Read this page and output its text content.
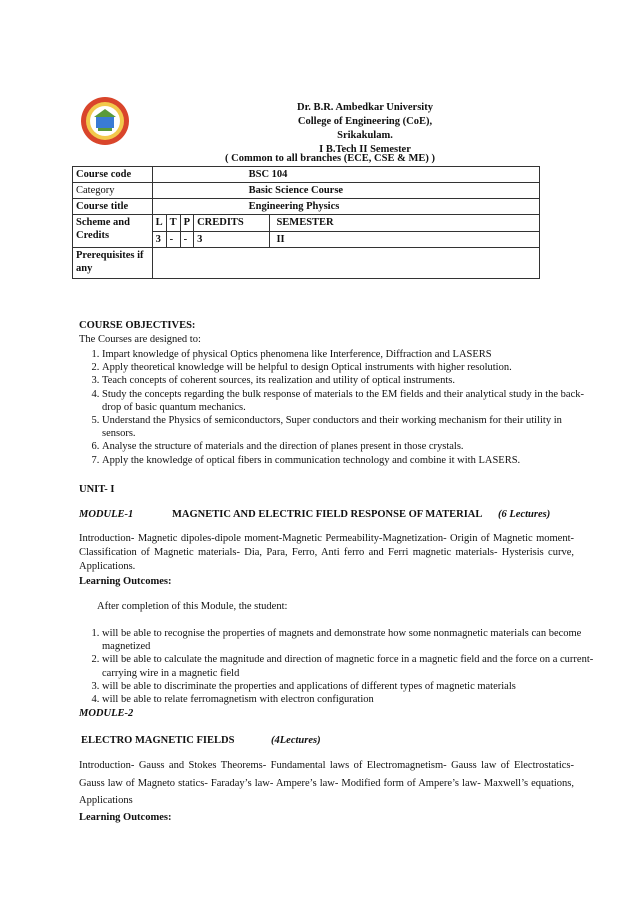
Dr. B.R. Ambedkar University
College of Engineering (CoE),
Srikakulam.
I B.Tech II Semester
( Common to all branches (ECE, CSE & ME) )
Course code	BSC 104				
Category	Basic Science Course				
Course title	Engineering Physics				
Scheme and Credits	L	T	P	CREDITS	SEMESTER
	3	-	-	3	II
Prerequisites if any					
COURSE OBJECTIVES:
The Courses are designed to:
1. Impart knowledge of physical Optics phenomena like Interference, Diffraction and LASERS
2. Apply theoretical knowledge will be helpful to design Optical instruments with higher resolution.
3. Teach concepts of coherent sources, its realization and utility of optical instruments.
4. Study the concepts regarding the bulk response of materials to the EM fields and their analytical study in the back-drop of basic quantum mechanics.
5. Understand the Physics of semiconductors, Super conductors and their working mechanism for their utility in sensors.
6. Analyse the structure of materials and the direction of planes present in those crystals.
7. Apply the knowledge of optical fibers in communication technology and combine it with LASERS.
UNIT- I
MODULE-1	MAGNETIC AND ELECTRIC FIELD RESPONSE OF MATERIAL (6 Lectures)
Introduction- Magnetic dipoles-dipole moment-Magnetic Permeability-Magnetization- Origin of Magnetic moment- Classification of Magnetic materials- Dia, Para, Ferro, Anti ferro and Ferri magnetic materials- Hysterisis curve, Applications.
Learning Outcomes:
After completion of this Module, the student:
1. will be able to recognise the properties of magnets and demonstrate how some nonmagnetic materials can become magnetized
2. will be able to calculate the magnitude and direction of magnetic force in a magnetic field and the force on a current-carrying wire in a magnetic field
3. will be able to discriminate the properties and applications of different types of magnetic materials
4. will be able to relate ferromagnetism with electron configuration
MODULE-2
ELECTRO MAGNETIC FIELDS	(4Lectures)
Introduction- Gauss and Stokes Theorems- Fundamental laws of Electromagnetism- Gauss law of Electrostatics- Gauss law of Magneto statics- Faraday’s law- Ampere’s law- Modified form of Ampere’s law- Maxwell’s equations, Applications
Learning Outcomes:
